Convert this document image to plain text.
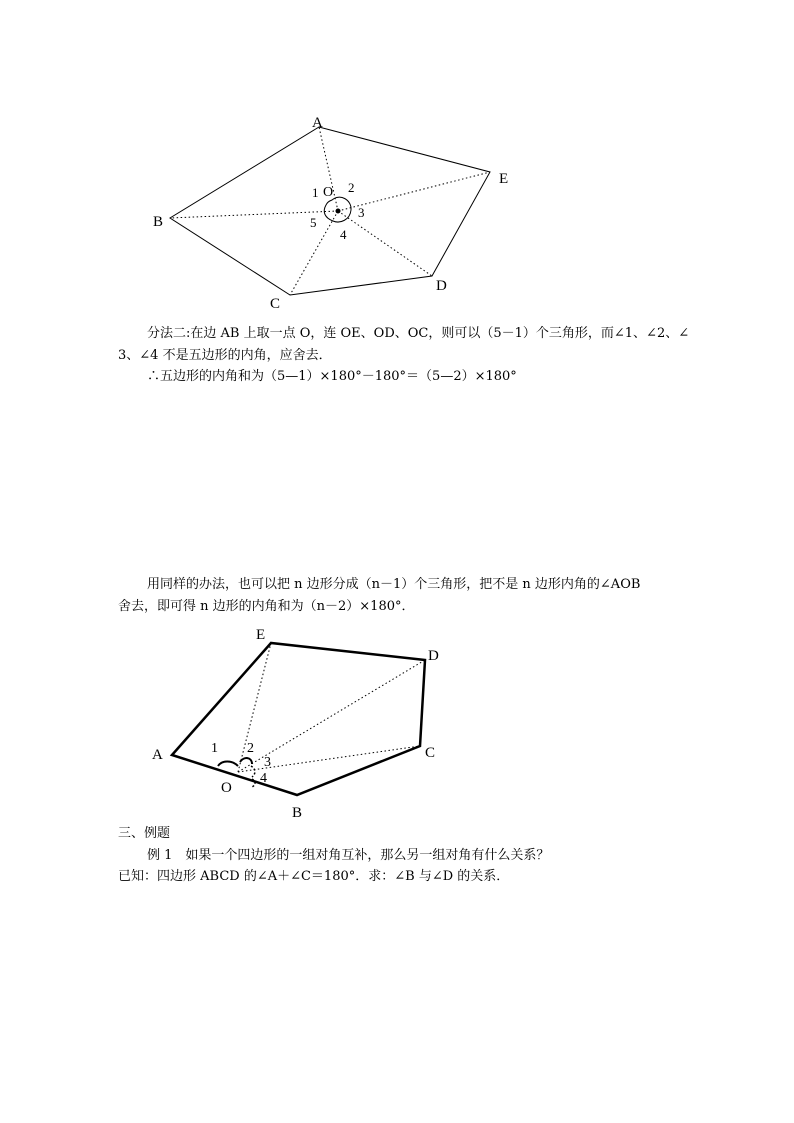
A
E
B
D
C
O
1 2
3
4
5
E
D
A	C
B
O
1 2
3
4
分法二:在边 AB 上取一点 O，连 OE、OD、OC，则可以（5－1）个三角形，而∠1、∠2、∠
3、∠4 不是五边形的内角，应舍去．
∴五边形的内角和为（5—1）×180°－180°＝（5—2）×180°
用同样的办法，也可以把 n 边形分成（n－1）个三角形，把不是 n 边形内角的∠AOB
舍去，即可得 n 边形的内角和为（n－2）×180°．
三、例题
例 1　如果一个四边形的一组对角互补，那么另一组对角有什么关系？
已知：四边形 ABCD 的∠A＋∠C＝180°．求：∠B 与∠D 的关系．
